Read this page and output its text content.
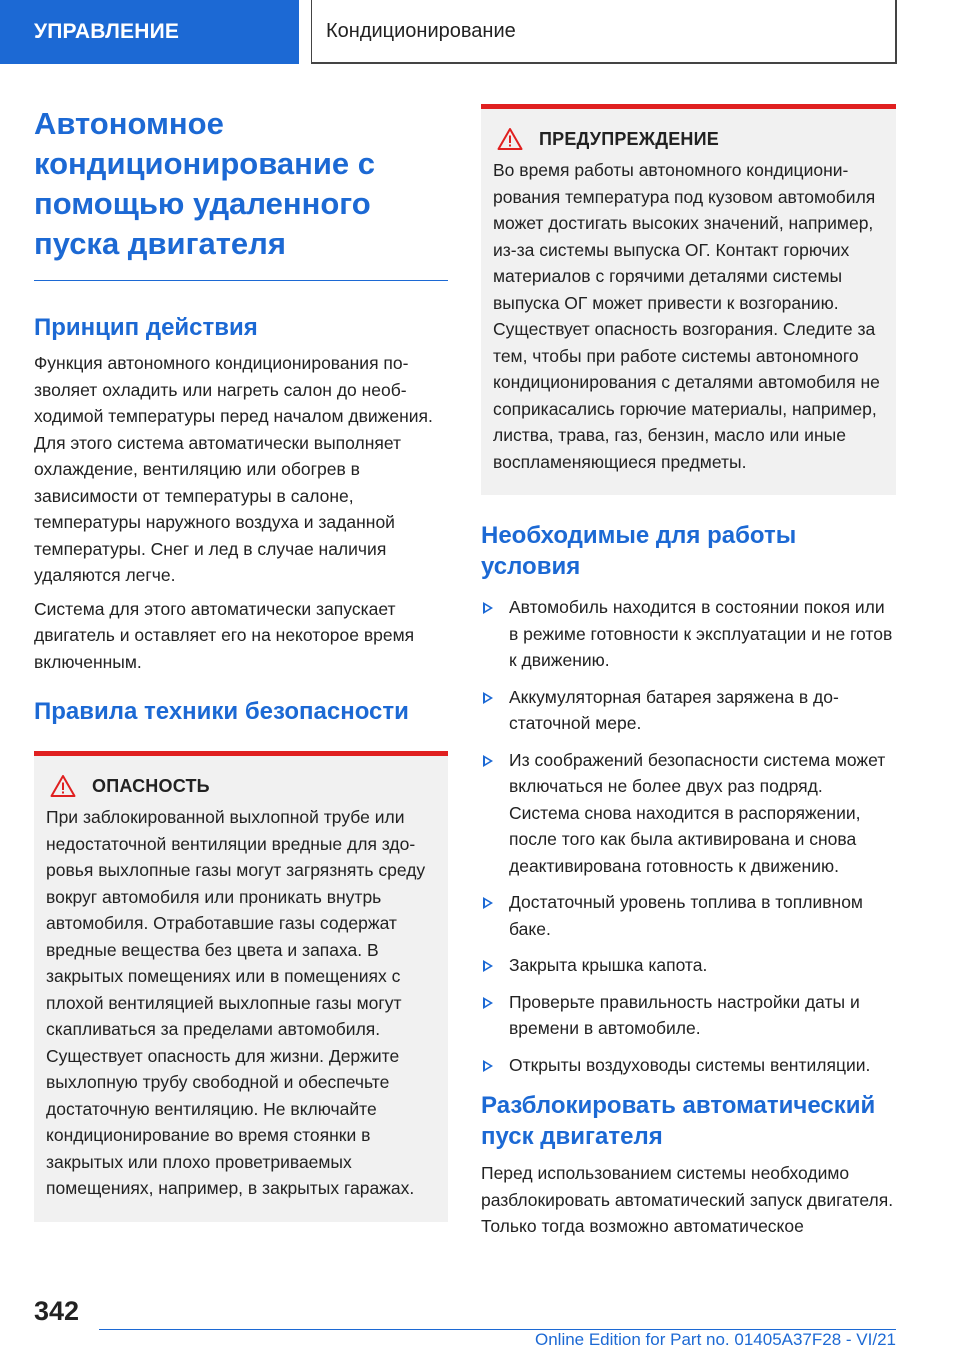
УПРАВЛЕНИЕ	Кондиционирование
Автономное кондиционирование с помощью удаленного пуска двигателя
Принцип действия

Функция автономного кондиционирования позволяет охладить или нагреть салон до необходимой температуры перед началом движения. Для этого система автоматически выполняет охлаждение, вентиляцию или обогрев в зависимости от температуры в салоне, температуры наружного воздуха и заданной температуры. Снег и лед в случае наличия удаляются легче.

Система для этого автоматически запускает двигатель и оставляет его на некоторое время включенным.

Правила техники безопасности
ОПАСНОСТЬ

При заблокированной выхлопной трубе или недостаточной вентиляции вредные для здоровья выхлопные газы могут загрязнять среду вокруг автомобиля или проникать внутрь автомобиля. Отработавшие газы содержат вредные вещества без цвета и запаха. В закрытых помещениях или в помещениях с плохой вентиляцией выхлопные газы могут скапливаться за пределами автомобиля. Существует опасность для жизни. Держите выхлопную трубу свободной и обеспечьте достаточную вентиляцию. Не включайте кондиционирование во время стоянки в закрытых или плохо проветриваемых помещениях, например, в закрытых гаражах.

ПРЕДУПРЕЖДЕНИЕ

Во время работы автономного кондиционирования температура под кузовом автомобиля может достигать высоких значений, например, из-за системы выпуска ОГ. Контакт горючих материалов с горячими деталями системы выпуска ОГ может привести к возгоранию. Существует опасность возгорания. Следите за тем, чтобы при работе системы автономного кондиционирования с деталями автомобиля не соприкасались горючие материалы, например, листва, трава, газ, бензин, масло или иные воспламеняющиеся предметы.

Необходимые для работы условия
Автомобиль находится в состоянии покоя или в режиме готовности к эксплуатации и не готов к движению.
Аккумуляторная батарея заряжена в достаточной мере.
Из соображений безопасности система может включаться не более двух раз подряд. Система снова находится в распоряжении, после того как была активирована и снова деактивирована готовность к движению.
Достаточный уровень топлива в топливном баке.
Закрыта крышка капота.
Проверьте правильность настройки даты и времени в автомобиле.
Открыты воздуховоды системы вентиляции.
Разблокировать автоматический пуск двигателя

Перед использованием системы необходимо разблокировать автоматический запуск двигателя. Только тогда возможно автоматическое

342
Online Edition for Part no. 01405A37F28 - VI/21
